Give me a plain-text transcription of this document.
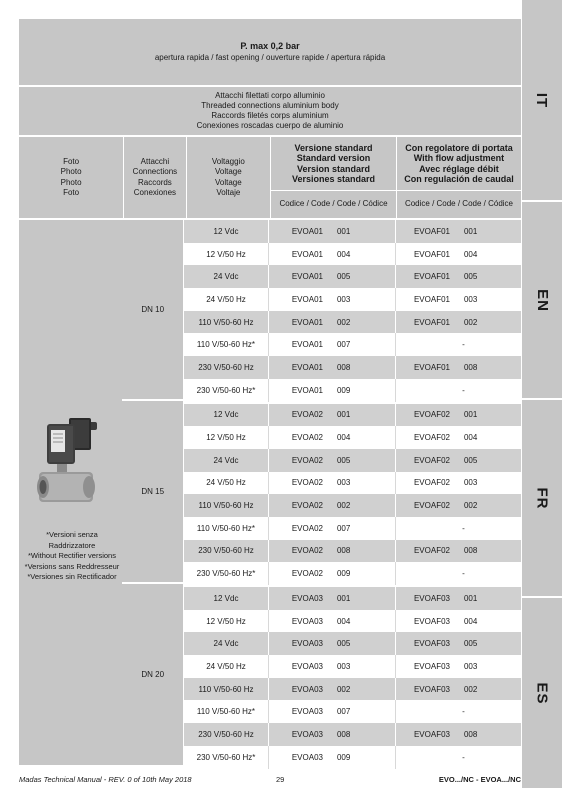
IT
EN
FR
ES
P. max 0,2 bar
apertura rapida / fast opening / ouverture rapide / apertura rápida
Attacchi filettati corpo alluminio
Threaded connections aluminium body
Raccords filetés corps aluminium
Conexiones roscadas cuerpo de aluminio
Foto
Photo
Photo
Foto
Attacchi
Connections
Raccords
Conexiones
Voltaggio
Voltage
Voltage
Voltaje
Versione standard
Standard version
Version standard
Versiones standard
Codice / Code / Code / Códice
Con regolatore di portata
With flow adjustment
Avec réglage débit
Con regulación de caudal
Codice / Code / Code / Códice
*Versioni senza Raddrizzatore
*Without Rectifier versions
*Versions sans Reddresseur
*Versiones sin Rectificador
DN 10
DN 15
DN 20
12 Vdc	EVOA01	001	EVOAF01	001
12 V/50 Hz	EVOA01	004	EVOAF01	004
24 Vdc	EVOA01	005	EVOAF01	005
24 V/50 Hz	EVOA01	003	EVOAF01	003
110 V/50-60 Hz	EVOA01	002	EVOAF01	002
110 V/50-60 Hz*	EVOA01	007	-
230 V/50-60 Hz	EVOA01	008	EVOAF01	008
230 V/50-60 Hz*	EVOA01	009	-
12 Vdc	EVOA02	001	EVOAF02	001
12 V/50 Hz	EVOA02	004	EVOAF02	004
24 Vdc	EVOA02	005	EVOAF02	005
24 V/50 Hz	EVOA02	003	EVOAF02	003
110 V/50-60 Hz	EVOA02	002	EVOAF02	002
110 V/50-60 Hz*	EVOA02	007	-
230 V/50-60 Hz	EVOA02	008	EVOAF02	008
230 V/50-60 Hz*	EVOA02	009	-
12 Vdc	EVOA03	001	EVOAF03	001
12 V/50 Hz	EVOA03	004	EVOAF03	004
24 Vdc	EVOA03	005	EVOAF03	005
24 V/50 Hz	EVOA03	003	EVOAF03	003
110 V/50-60 Hz	EVOA03	002	EVOAF03	002
110 V/50-60 Hz*	EVOA03	007	-
230 V/50-60 Hz	EVOA03	008	EVOAF03	008
230 V/50-60 Hz*	EVOA03	009	-
Madas Technical Manual - REV. 0 of 10th May 2018	29	EVO.../NC - EVOA.../NC
